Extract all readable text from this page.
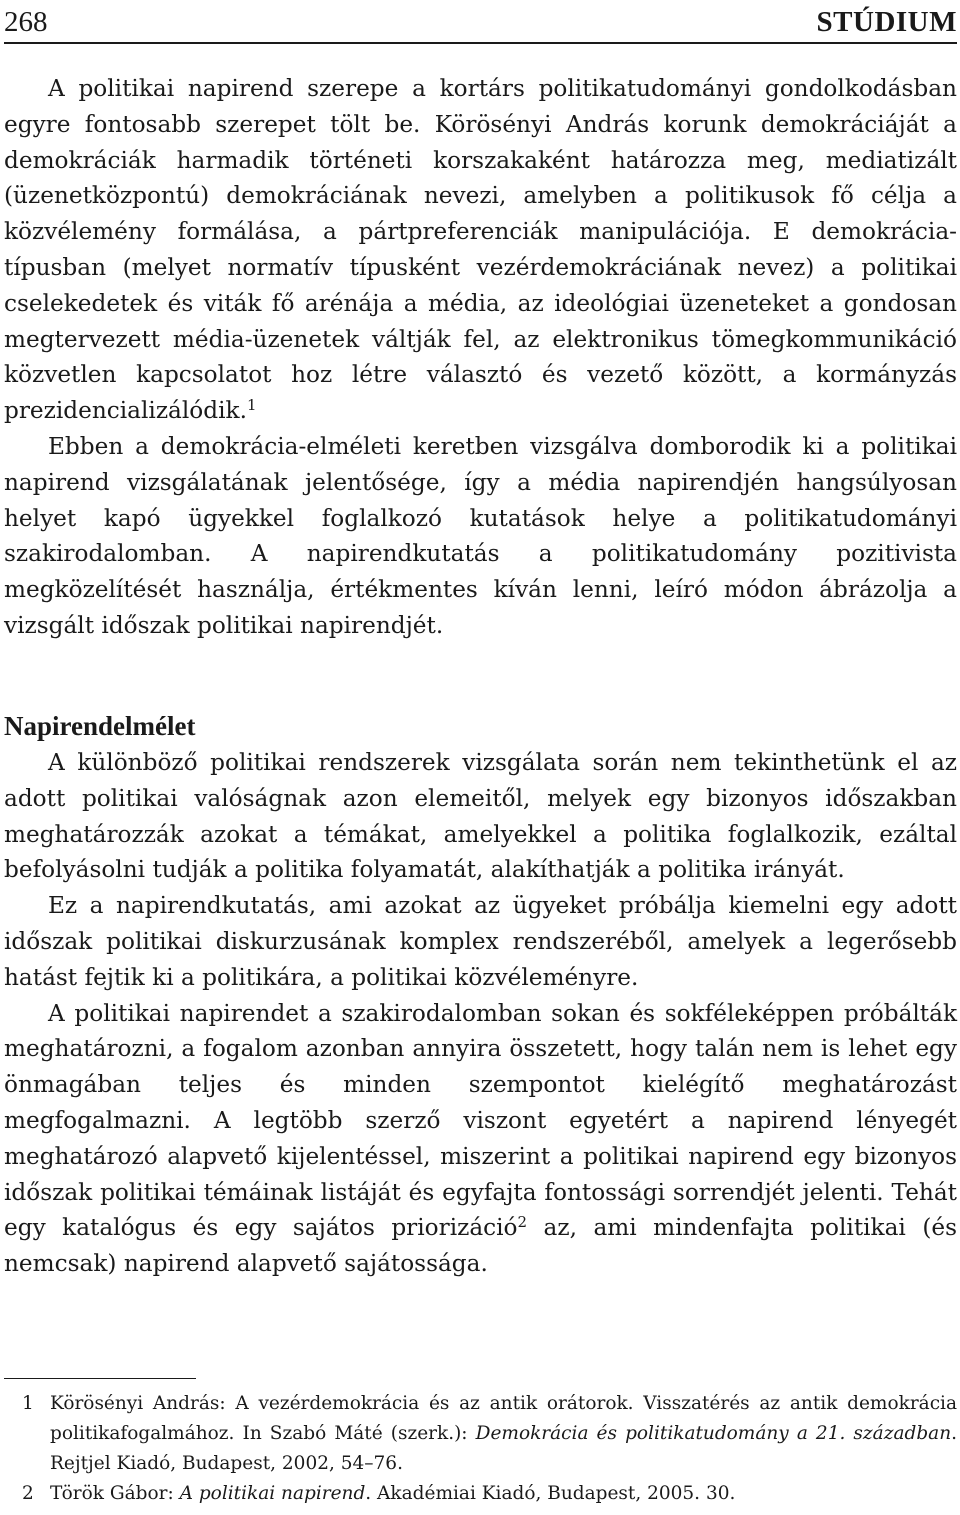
268	STÚDIUM

A politikai napirend szerepe a kortárs politikatudományi gondolkodásban egyre fontosabb szerepet tölt be. Körösényi András korunk demokráciáját a demokráciák harmadik történeti korszakaként határozza meg, mediatizált (üzenetközpontú) demokráciának nevezi, amelyben a politikusok fő célja a közvélemény formálása, a pártpreferenciák manipulációja. E demokrácia-típusban (melyet normatív típusként vezérdemokráciának nevez) a politikai cselekedetek és viták fő arénája a média, az ideológiai üzeneteket a gondosan megtervezett média-üzenetek váltják fel, az elektronikus tömegkommunikáció közvetlen kapcsolatot hoz létre választó és vezető között, a kormányzás prezidencializálódik.$^1$

Ebben a demokrácia-elméleti keretben vizsgálva domborodik ki a politikai napirend vizsgálatának jelentősége, így a média napirendjén hangsúlyosan helyet kapó ügyekkel foglalkozó kutatások helye a politikatudományi szakirodalomban. A napirendkutatás a politikatudomány pozitivista megközelítését használja, értékmentes kíván lenni, leíró módon ábrázolja a vizsgált időszak politikai napirendjét.

Napirendelmélet

A különböző politikai rendszerek vizsgálata során nem tekinthetünk el az adott politikai valóságnak azon elemeitől, melyek egy bizonyos időszakban meghatározzák azokat a témákat, amelyekkel a politika foglalkozik, ezáltal befolyásolni tudják a politika folyamatát, alakíthatják a politika irányát.

Ez a napirendkutatás, ami azokat az ügyeket próbálja kiemelni egy adott időszak politikai diskurzusának komplex rendszeréből, amelyek a legerősebb hatást fejtik ki a politikára, a politikai közvéleményre.

A politikai napirendet a szakirodalomban sokan és sokféleképpen próbálták meghatározni, a fogalom azonban annyira összetett, hogy talán nem is lehet egy önmagában teljes és minden szempontot kielégítő meghatározást megfogalmazni. A legtöbb szerző viszont egyetért a napirend lényegét meghatározó alapvető kijelentéssel, miszerint a politikai napirend egy bizonyos időszak politikai témáinak listáját és egyfajta fontossági sorrendjét jelenti. Tehát egy katalógus és egy sajátos priorizáció$^2$ az, ami mindenfajta politikai (és nemcsak) napirend alapvető sajátossága.

1 Körösényi András: A vezérdemokrácia és az antik orátorok. Visszatérés az antik demokrácia politikafogalmához. In Szabó Máté (szerk.): Demokrácia és politikatudomány a 21. században. Rejtjel Kiadó, Budapest, 2002, 54–76.
2 Török Gábor: A politikai napirend. Akadémiai Kiadó, Budapest, 2005. 30.
